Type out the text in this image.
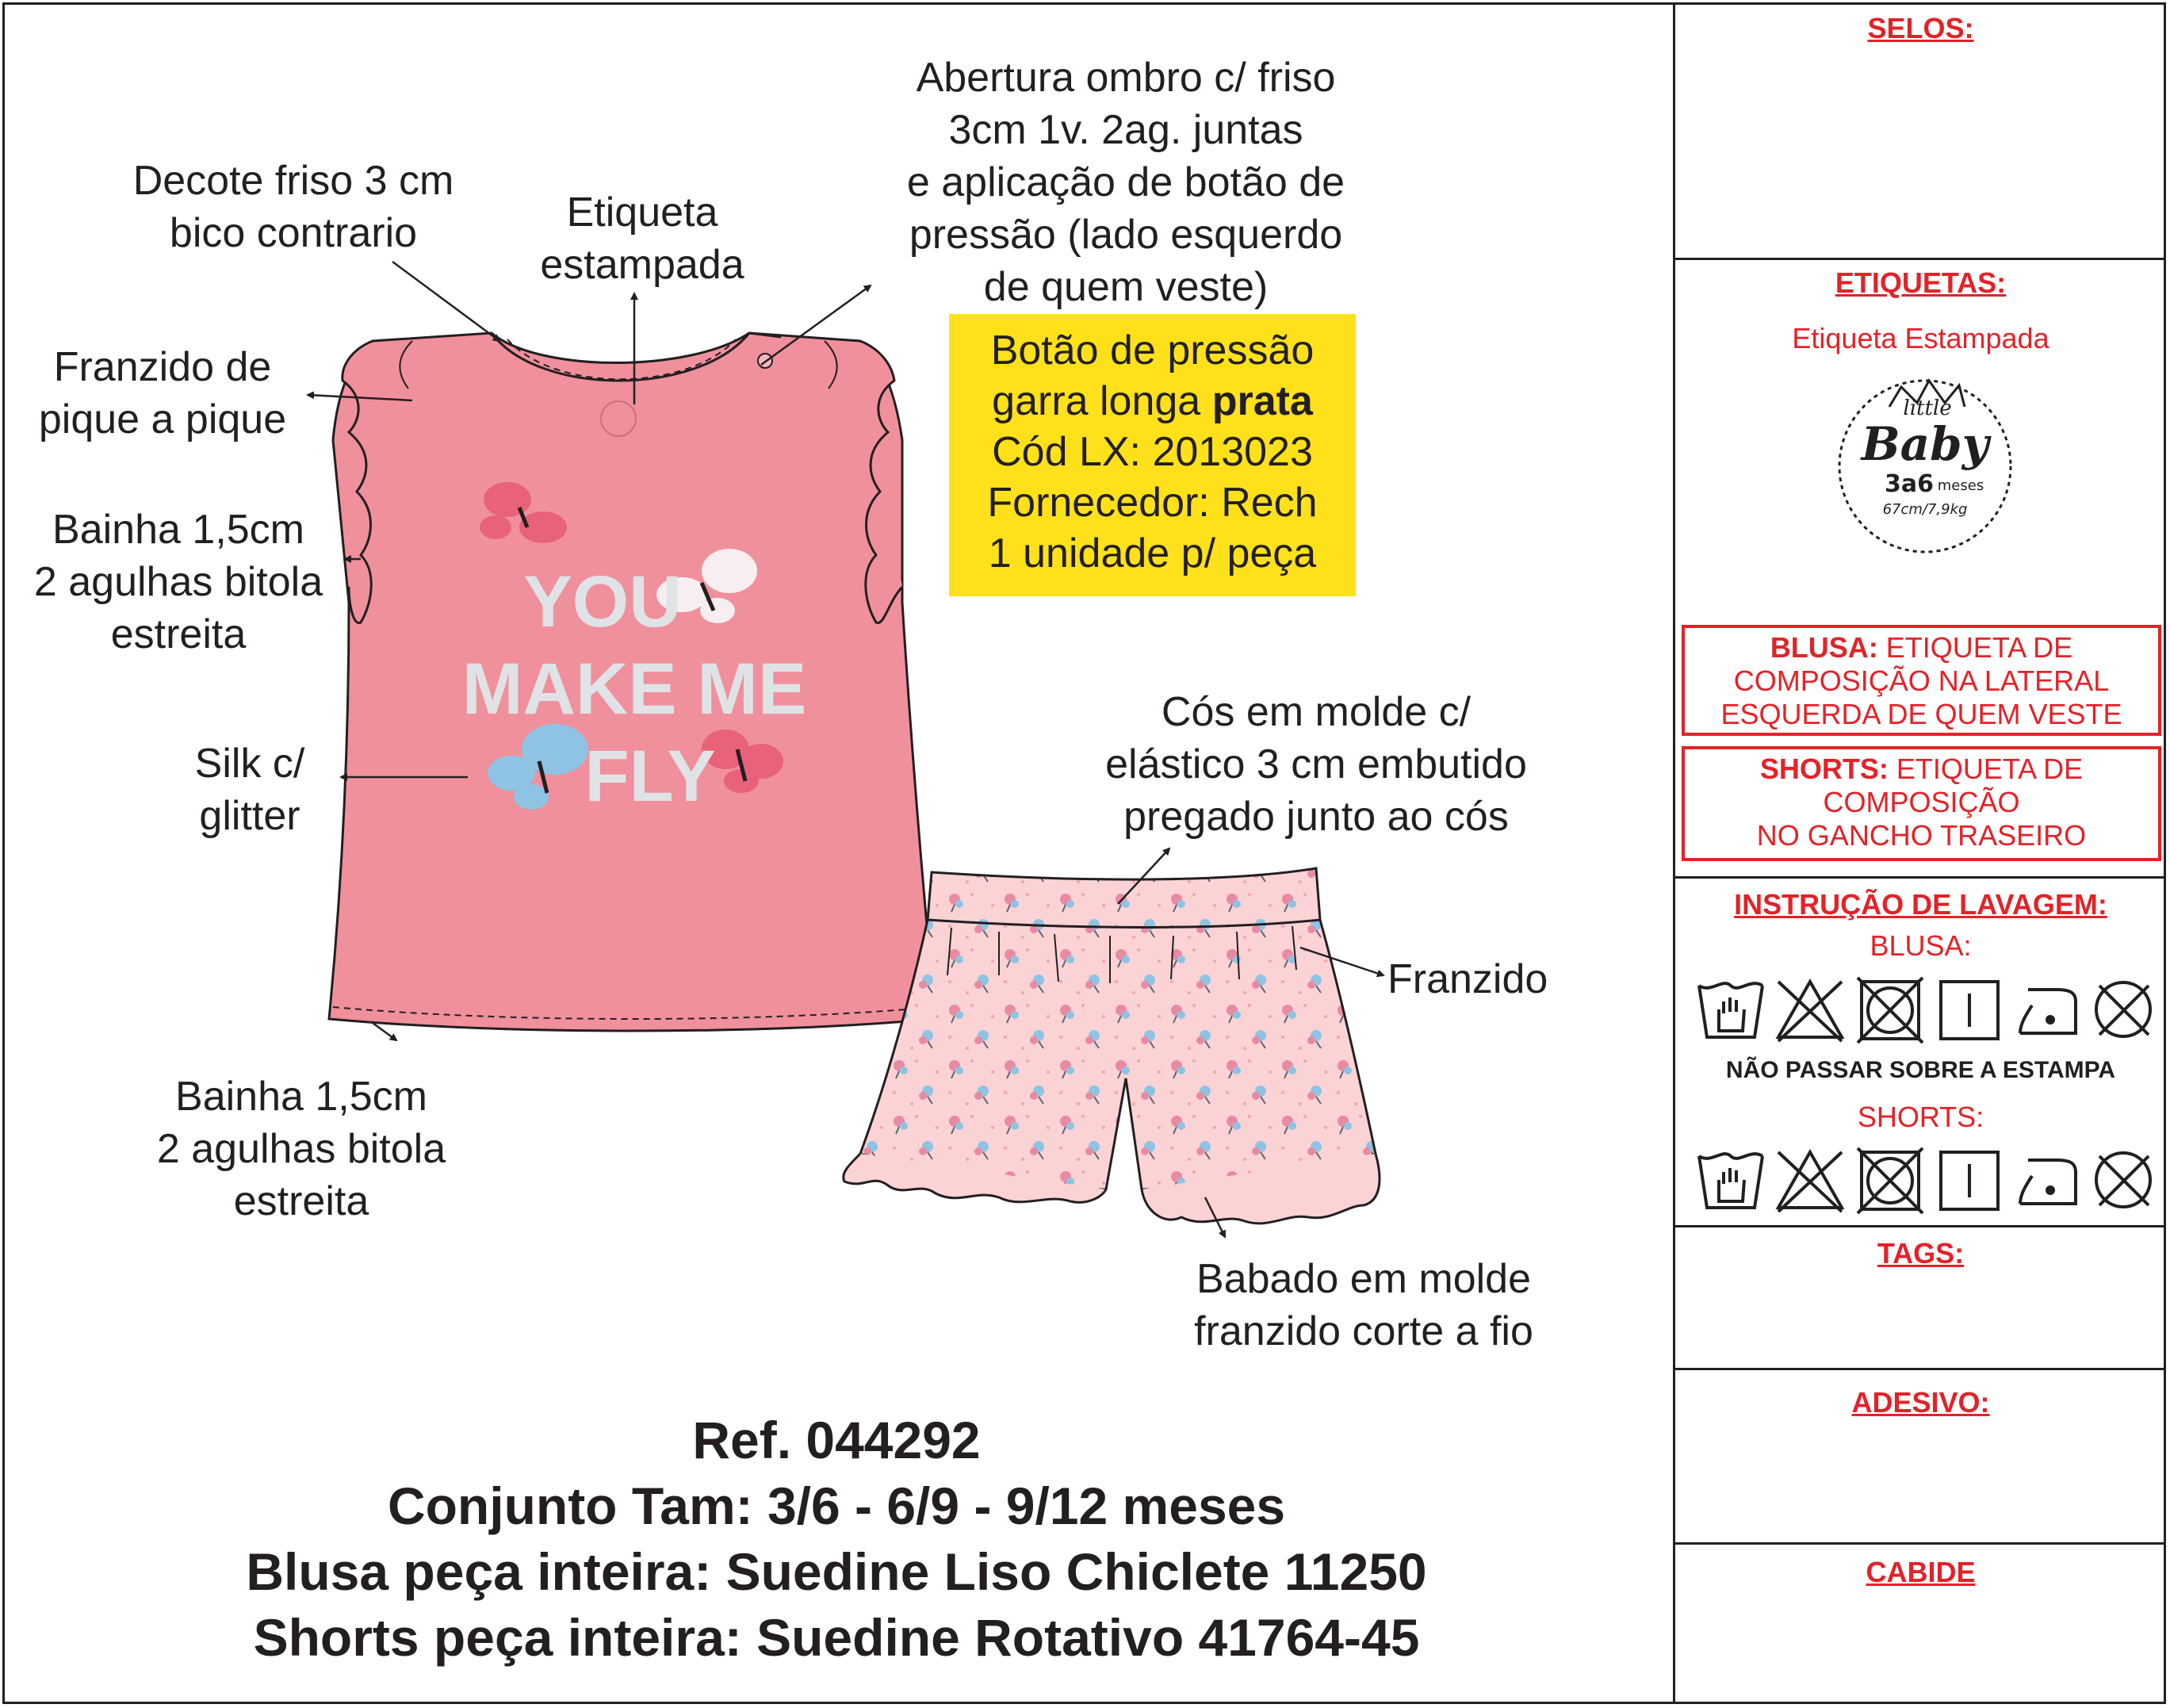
YOU
MAKE ME
FLY
Decote friso 3 cm
bico contrario	Etiqueta
estampada
Abertura ombro c/ friso
3cm 1v. 2ag. juntas
e aplicação de botão de
pressão (lado esquerdo
de quem veste)
Franzido de
pique a pique
Bainha 1,5cm
2 agulhas bitola
estreita
Silk c/
glitter
Bainha 1,5cm
2 agulhas bitola
estreita
Cós em molde c/
elástico 3 cm embutido
pregado junto ao cós
Franzido
Babado em molde
franzido corte a fio
Botão de pressão
garra longa prata
Cód LX: 2013023
Fornecedor: Rech
1 unidade p/ peça
Ref. 044292
Conjunto Tam: 3/6 - 6/9 - 9/12 meses
Blusa peça inteira: Suedine Liso Chiclete 11250
Shorts peça inteira: Suedine Rotativo 41764-45
SELOS:
ETIQUETAS:
Etiqueta Estampada
little
Baby
3a6 meses
67cm/7,9kg
BLUSA: ETIQUETA DE
COMPOSIÇÃO NA LATERAL
ESQUERDA DE QUEM VESTE
SHORTS: ETIQUETA DE
COMPOSIÇÃO
NO GANCHO TRASEIRO
INSTRUÇÃO DE LAVAGEM:
BLUSA:
NÃO PASSAR SOBRE A ESTAMPA
SHORTS:
TAGS:
ADESIVO:
CABIDE
